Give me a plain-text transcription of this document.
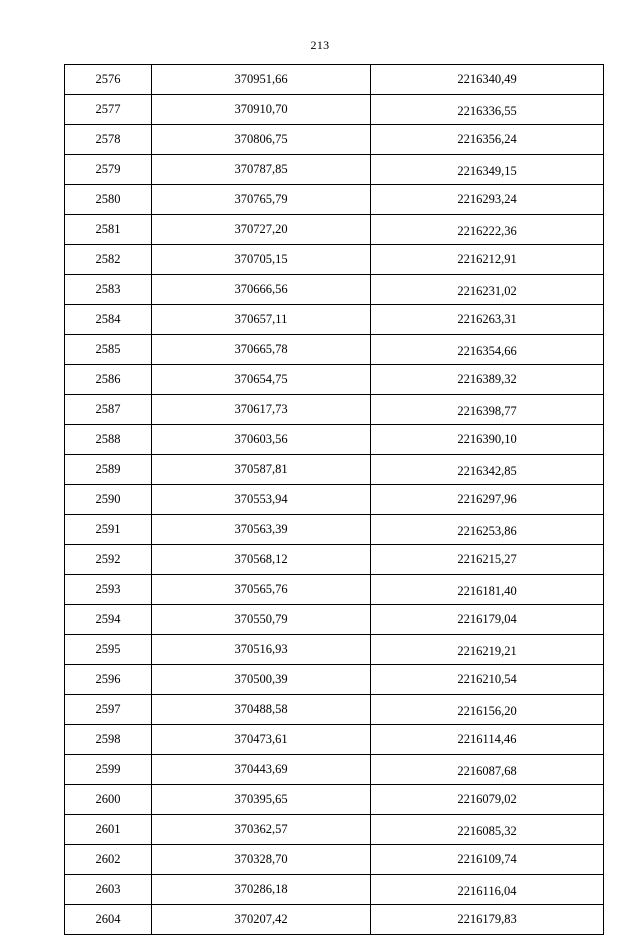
213
2576	370951,66	2216340,49
2577	370910,70	2216336,55
2578	370806,75	2216356,24
2579	370787,85	2216349,15
2580	370765,79	2216293,24
2581	370727,20	2216222,36
2582	370705,15	2216212,91
2583	370666,56	2216231,02
2584	370657,11	2216263,31
2585	370665,78	2216354,66
2586	370654,75	2216389,32
2587	370617,73	2216398,77
2588	370603,56	2216390,10
2589	370587,81	2216342,85
2590	370553,94	2216297,96
2591	370563,39	2216253,86
2592	370568,12	2216215,27
2593	370565,76	2216181,40
2594	370550,79	2216179,04
2595	370516,93	2216219,21
2596	370500,39	2216210,54
2597	370488,58	2216156,20
2598	370473,61	2216114,46
2599	370443,69	2216087,68
2600	370395,65	2216079,02
2601	370362,57	2216085,32
2602	370328,70	2216109,74
2603	370286,18	2216116,04
2604	370207,42	2216179,83
